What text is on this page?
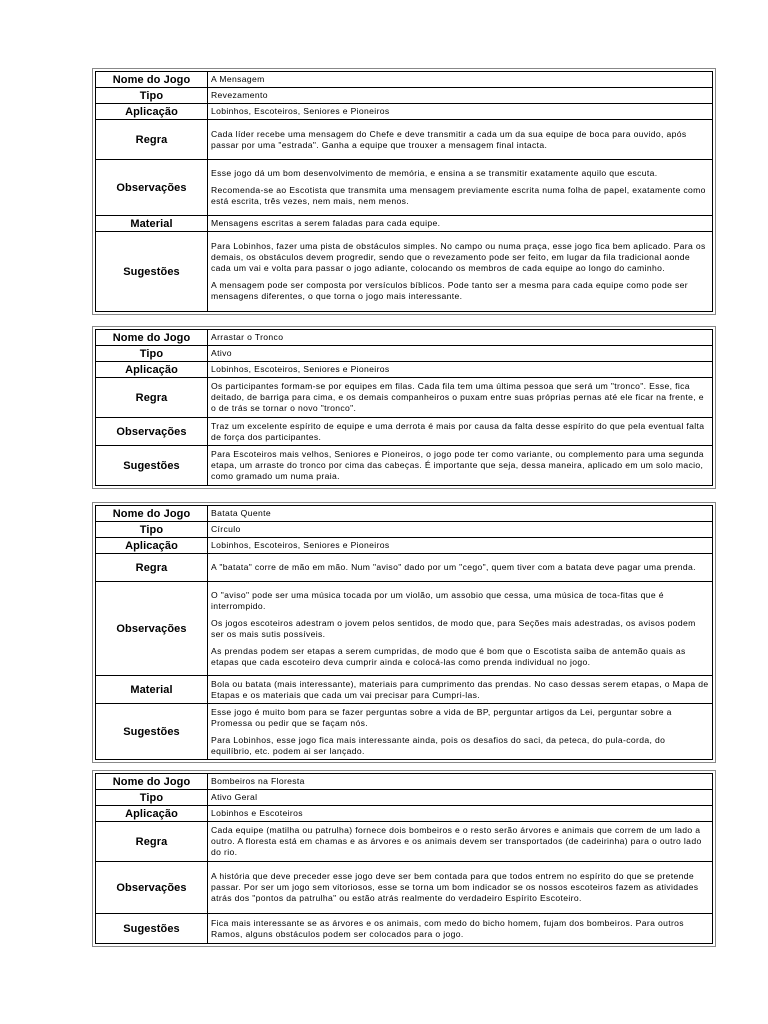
Nome do Jogo	A Mensagem
Tipo	Revezamento
Aplicação	Lobinhos, Escoteiros, Seniores e Pioneiros
Regra	Cada líder recebe uma mensagem do Chefe e deve transmitir a cada um da sua equipe de boca para ouvido, após passar por uma "estrada". Ganha a equipe que trouxer a mensagem final intacta.
Observações	Esse jogo dá um bom desenvolvimento de memória, e ensina a se transmitir exatamente aquilo que escuta.

Recomenda-se ao Escotista que transmita uma mensagem previamente escrita numa folha de papel, exatamente como está escrita, três vezes, nem mais, nem menos.

Material	Mensagens escritas a serem faladas para cada equipe.
Sugestões	Para Lobinhos, fazer uma pista de obstáculos simples. No campo ou numa praça, esse jogo fica bem aplicado. Para os demais, os obstáculos devem progredir, sendo que o revezamento pode ser feito, em lugar da fila tradicional aonde cada um vai e volta para passar o jogo adiante, colocando os membros de cada equipe ao longo do caminho.

A mensagem pode ser composta por versículos bíblicos. Pode tanto ser a mesma para cada equipe como pode ser mensagens diferentes, o que torna o jogo mais interessante.

Nome do Jogo	Arrastar o Tronco
Tipo	Ativo
Aplicação	Lobinhos, Escoteiros, Seniores e Pioneiros
Regra	Os participantes formam-se por equipes em filas. Cada fila tem uma última pessoa que será um "tronco". Esse, fica deitado, de barriga para cima, e os demais companheiros o puxam entre suas próprias pernas até ele ficar na frente, e o de trás se tornar o novo "tronco".
Observações	Traz um excelente espírito de equipe e uma derrota é mais por causa da falta desse espírito do que pela eventual falta de força dos participantes.
Sugestões	Para Escoteiros mais velhos, Seniores e Pioneiros, o jogo pode ter como variante, ou complemento para uma segunda etapa, um arraste do tronco por cima das cabeças. É importante que seja, dessa maneira, aplicado em um solo macio, como gramado um numa praia.
Nome do Jogo	Batata Quente
Tipo	Círculo
Aplicação	Lobinhos, Escoteiros, Seniores e Pioneiros
Regra	A "batata" corre de mão em mão. Num "aviso" dado por um "cego", quem tiver com a batata deve pagar uma prenda.
Observações	O "aviso" pode ser uma música tocada por um violão, um assobio que cessa, uma música de toca-fitas que é interrompido.

Os jogos escoteiros adestram o jovem pelos sentidos, de modo que, para Seções mais adestradas, os avisos podem ser os mais sutis possíveis.

As prendas podem ser etapas a serem cumpridas, de modo que é bom que o Escotista saiba de antemão quais as etapas que cada escoteiro deva cumprir ainda e colocá-las como prenda individual no jogo.

Material	Bola ou batata (mais interessante), materiais para cumprimento das prendas. No caso dessas serem etapas, o Mapa de Etapas e os materiais que cada um vai precisar para Cumpri-las.
Sugestões	Esse jogo é muito bom para se fazer perguntas sobre a vida de BP, perguntar artigos da Lei, perguntar sobre a Promessa ou pedir que se façam nós.

Para Lobinhos, esse jogo fica mais interessante ainda, pois os desafios do saci, da peteca, do pula-corda, do equilíbrio, etc. podem ai ser lançado.

Nome do Jogo	Bombeiros na Floresta
Tipo	Ativo Geral
Aplicação	Lobinhos e Escoteiros
Regra	Cada equipe (matilha ou patrulha) fornece dois bombeiros e o resto serão árvores e animais que correm de um lado a outro. A floresta está em chamas e as árvores e os animais devem ser transportados (de cadeirinha) para o outro lado do rio.
Observações	A história que deve preceder esse jogo deve ser bem contada para que todos entrem no espírito do que se pretende passar. Por ser um jogo sem vitoriosos, esse se torna um bom indicador se os nossos escoteiros fazem as atividades atrás dos "pontos da patrulha" ou estão atrás realmente do verdadeiro Espírito Escoteiro.
Sugestões	Fica mais interessante se as árvores e os animais, com medo do bicho homem, fujam dos bombeiros. Para outros Ramos, alguns obstáculos podem ser colocados para o jogo.
